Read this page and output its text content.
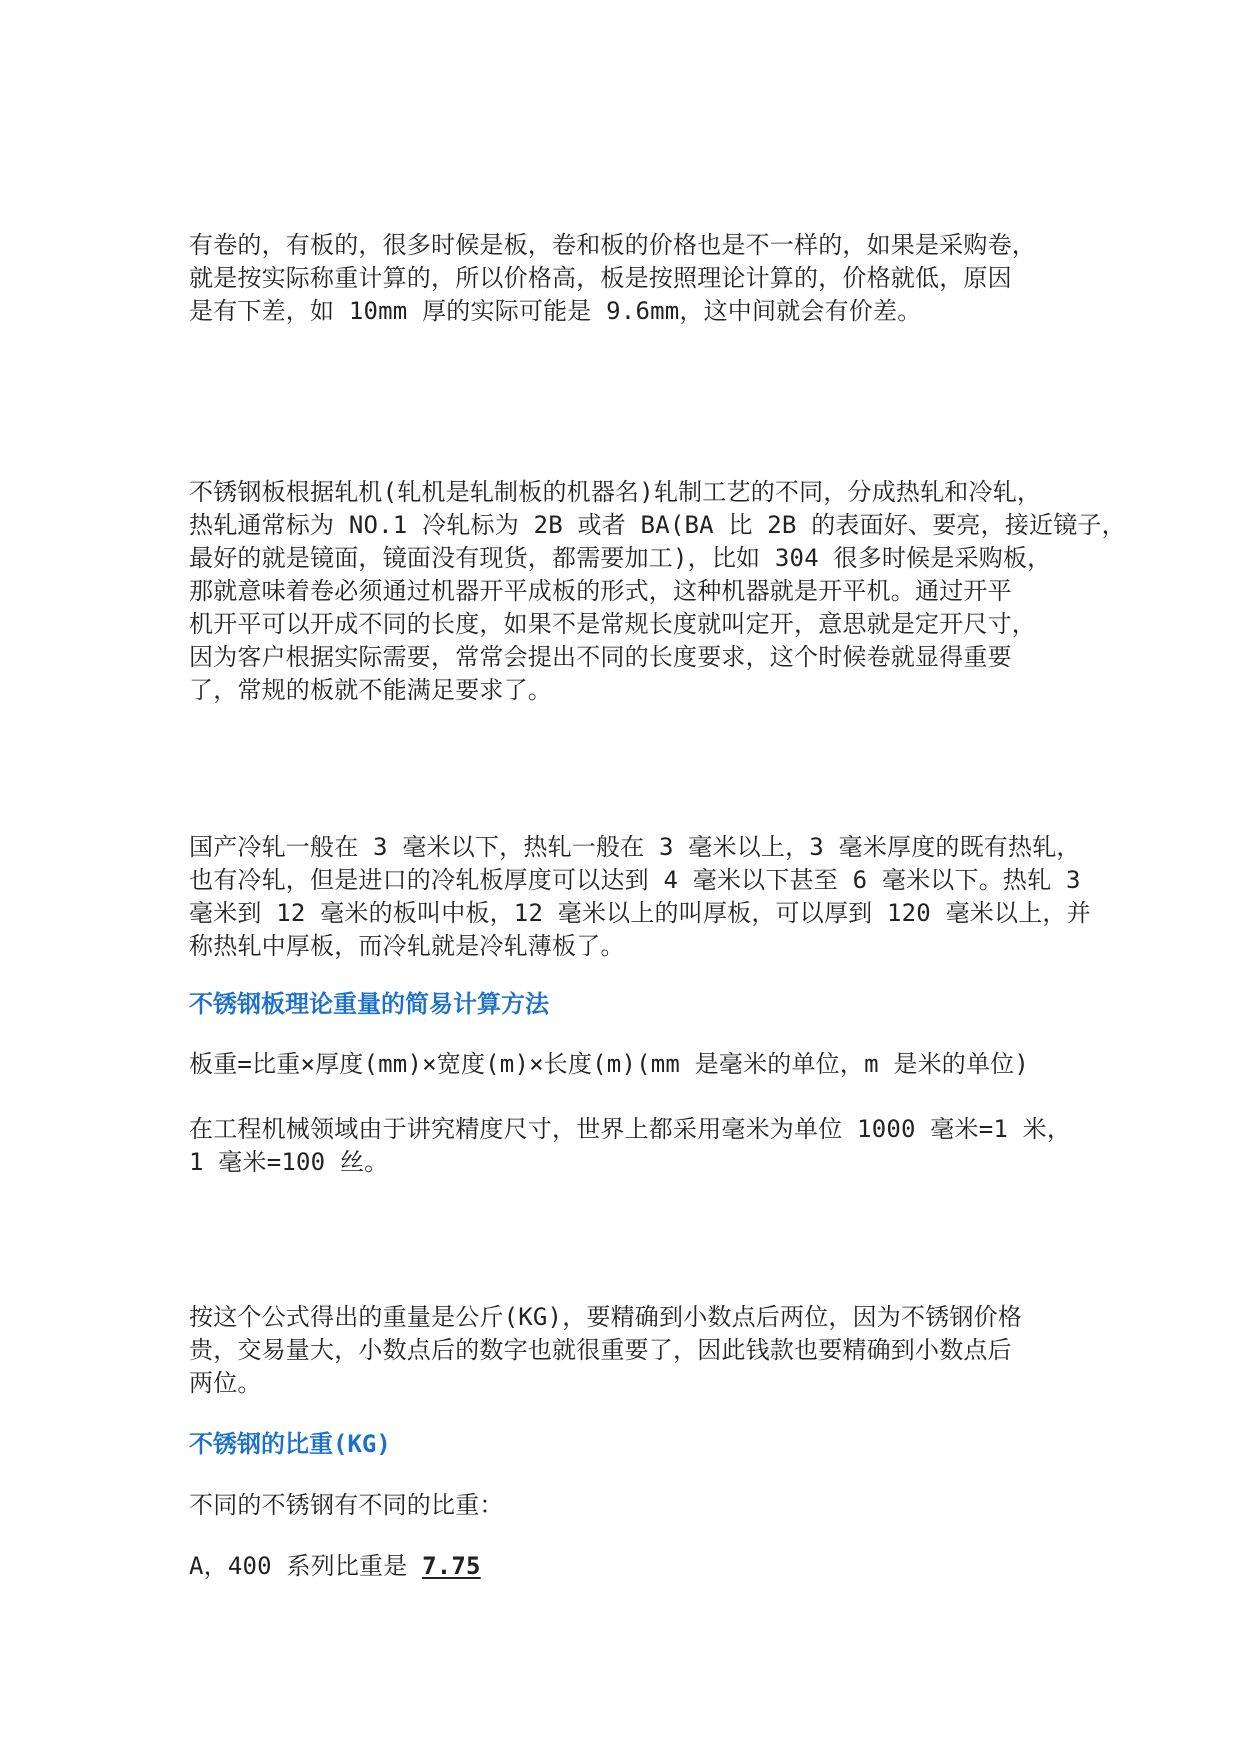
有卷的，有板的，很多时候是板，卷和板的价格也是不一样的，如果是采购卷，
就是按实际称重计算的，所以价格高，板是按照理论计算的，价格就低，原因
是有下差，如 10mm 厚的实际可能是 9.6mm，这中间就会有价差。

不锈钢板根据轧机(轧机是轧制板的机器名)轧制工艺的不同，分成热轧和冷轧，
热轧通常标为 NO.1 冷轧标为 2B 或者 BA(BA 比 2B 的表面好、要亮，接近镜子，
最好的就是镜面，镜面没有现货，都需要加工)，比如 304 很多时候是采购板，
那就意味着卷必须通过机器开平成板的形式，这种机器就是开平机。通过开平
机开平可以开成不同的长度，如果不是常规长度就叫定开，意思就是定开尺寸，
因为客户根据实际需要，常常会提出不同的长度要求，这个时候卷就显得重要
了，常规的板就不能满足要求了。

国产冷轧一般在 3 毫米以下，热轧一般在 3 毫米以上，3 毫米厚度的既有热轧，
也有冷轧，但是进口的冷轧板厚度可以达到 4 毫米以下甚至 6 毫米以下。热轧 3
毫米到 12 毫米的板叫中板，12 毫米以上的叫厚板，可以厚到 120 毫米以上，并
称热轧中厚板，而冷轧就是冷轧薄板了。

不锈钢板理论重量的简易计算方法

板重=比重×厚度(mm)×宽度(m)×长度(m)(mm 是毫米的单位，m 是米的单位)

在工程机械领域由于讲究精度尺寸，世界上都采用毫米为单位 1000 毫米=1 米，
1 毫米=100 丝。

按这个公式得出的重量是公斤(KG)，要精确到小数点后两位，因为不锈钢价格
贵，交易量大，小数点后的数字也就很重要了，因此钱款也要精确到小数点后
两位。

不锈钢的比重(KG)

不同的不锈钢有不同的比重：

A，400 系列比重是 7.75
